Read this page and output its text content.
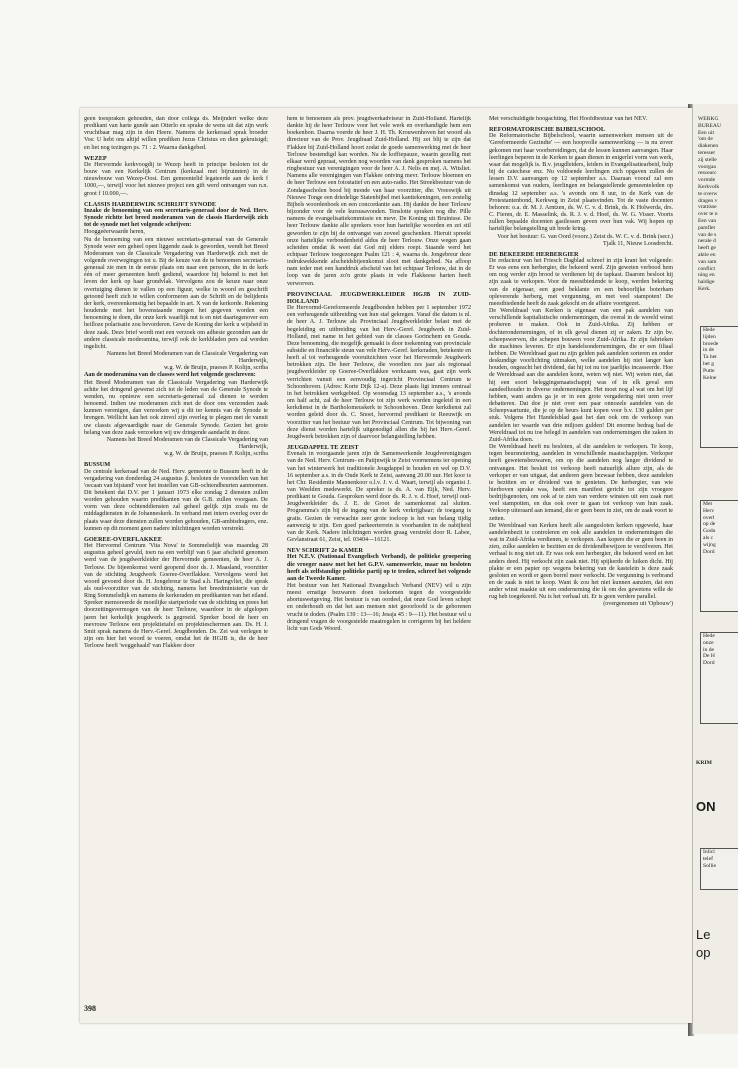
geen toespraken gehouden, dan door collega ds. Meijndert welke deze predikant van harte gunde aan Otterlo en sprake de wens uit dat zijn werk vruchtbaar mag zijn in den Heere. Namens de kerkeraad sprak broeder Vos: U hebt ons altijd willen prediken Jezus Christus en dien gekruisigd; en liet nog tezingen ps. 71 : 2. Waarna dankgebed.

WEZEP

De Hervormde kerkvoogdij te Wezep heeft in principe besloten tot de bouw van een Kerkelijk Centrum (kerkzaal met bijruimten) in de nieuwbouw van Wezep-Oost. Een gemeentelid legateerde aan de kerk f 1000,—, terwijl voor het nieuwe project een gift werd ontvangen van n.n. groot f 10.000,—.

CLASSIS HARDERWIJK SCHRIJFT SYNODE

Inzake de benoeming van een secretaris-generaal door de Ned. Herv. Synode richtte het breed moderamen van de classis Harderwijk zich tot de synode met het volgende schrijven:

Hooggeëerwaarde heren,

Nu de benoeming van een nieuwe secretaris-generaal van de Generale Synode weer een geheel open liggende zaak is geworden, wendt het Breed Moderamen van de Classicale Vergadering van Harderwijk zich met de volgende overwegingen tot u. Bij de keuze van de te benoemen secretaris-generaal zie men in de eerste plaats om naar een persoon, die in de kerk één of meer gemeenten heeft gediend, waardoor hij bekend is met het leven der kerk op haar grondvlak. Vervolgens zou de keuze naar onze overtuiging dienen te vallen op een figuur, welke in woord en geschrift getoond heeft zich te willen conformeren aan de Schrift en de belijdenis der kerk, overeenkomstig het bepaalde in art. X van de kerkorde. Rekening houdende met het bovenstaande mogen het gegeven worden een benoeming te doen, die onze kerk waarlijk nut is en niet daartegenover een heilloze polarisatie zou bevorderen. Geve de Koning der kerk u wijsheid in deze zaak. Deze brief wordt met een verzoek om adhesie gezonden aan de andere classicale moderamina, terwijl ook de kerkbladen pers zal worden ingelicht.

Namens het Breed Moderamen van de Classicale Vergadering van Harderwijk,

w.g. W. de Bruijn, praeses P. Kolijn, scriba

Aan de moderamina van de classes werd het volgende geschreven:

Het Breed Moderamen van de Classicale Vergadering van Harderwijk achtte het dringend gewenst zich tot de leden van de Generale Synode te wenden, nu opnieuw een secretaris-generaal zal dienen te worden benoemd. Indien uw moderamen zich met de door ons verzonden zaak kunnen verenigen, dan verzoeken wij u dit ter kennis van de Synode te brengen. Wellicht kan het ook zinvol zijn overleg te plegen met de vanuit uw classis afgevaardigde naar de Generale Synode. Gezien het grote belang van deze zaak verzoeken wij uw dringende aandacht in deze.

Namens het Breed Moderamen van de Classicale Vergadering van Harderwijk,

w.g. W. de Bruijn, praeses P. Kolijn, scriba

BUSSUM

De centrale kerkeraad van de Ned. Herv. gemeente te Bussum heeft in de vergadering van donderdag 24 augustus jl. besloten de voorstellen van het 'oecaan van bijstand' voor het instellen van GB-ochtendbeurten aanmomen. Dit betekent dat D.V. per 1 januari 1973 elke zondag 2 diensten zullen worden gehouden waarin predikanten van de G.B. zullen voorgaan. De vorm van deze ochtenddiensten zal geheel gelijk zijn zoals nu de middagdiensten in de Johanneskerk. In verband met intern overleg over de plaats waar deze diensten zullen worden gehouden, GB-ambtsdragers, enz. kunnen op dit moment geen nadere inlichtingen worden verstrekt.

GOEREE-OVERFLAKKEE

Het Hervormd Centrum 'Vita Nova' te Sommelsdijk was maandag 28 augustus geheel gevuld, toen na een verblijf van 6 jaar afscheid genomen werd van de jeugdwerkleider der Hervormde gemeenten, de heer A. J. Terlouw. De bijeenkomst werd geopend door ds. J. Maasland, voorzitter van de stichting Jeugdwerk Goeree-Overflakkee. Vervolgens werd het woord gevoerd door ds. H. Jongebreur te Stad a.h. Haringvliet, die sprak als oud-voorzitter van de stichting, namens het breedministerie van de Ring Sommelsdijk en namens de kerkeraden en predikanten van het eiland. Spreker memoreerde de moeilijke startperiode van de stichting en prees het doorzettingsvermogen van de heer Terlouw, waardoor in de afgelopen jaren het kerkelijk jeugdwerk is gegroeid. Spreker bood de heer en mevrouw Terlouw een projektietafel en projektieschermen aan. Ds. H. J. Smit sprak namens de Herv.-Geref. Jeugdbonden. Ds. Zei wat verlegen te zijn om hier het woord te voeren, omdat het de HGJB is, die de heer Terlouw heeft 'weggehaald' van Flakkee door

hem te benoemen als prov. jeugdwerkadviseur in Zuid-Holland. Hartelijk dankte hij de heer Terlouw voor het vele werk en overhandigde hem een boekenbon. Daarna voerde de heer J. H. Th. Krouwenhoven het woord als directeur van de Prov. Jeugdraad Zuid-Holland. Hij zei blij te zijn dat Flakkee bij Zuid-Holland hoort zodat de goede samenwerking met de heer Terlouw bestendigd kan worden. Na de koffiepauze, waarin gezellig met elkaar werd gepraat, werden nog woorden van dank gesproken namens het ringbestuur van verenigingen voor de heer A. J. Nelis en mej. A. Witsliet. Namens alle verenigingen van Flakkee ontving mevr. Terlouw bloemen en de heer Terlouw een fotostatief en een auto-radio. Het Streekbestuur van de Zondagsscholen bood bij monde van haar voorzitter, dhr. Vreeswijk uit Nieuwe Tonge een driedelige Statenbijbel met kanttekeningen, een zestelig Bijbels woordenboek en een concordantie aan. Hij dankte de heer Terlouw bijzonder voor de vele kursusavonden. Tenslotte spraken nog dhr. Pille namens de evangelisatiekommissie en mevr. De Koning uit Bruinisse. De heer Terlouw dankte alle sprekers voor hun hartelijke woorden en zei stil geworden te zijn bij de ontvangst van zoveel geschenken. Hieruit spreekt onze hartelijke verbondenheid aldus de heer Terlouw. Onze wegen gaan scheiden omdat ik weet dat God mij elders roept. Staande werd het echtpaar Terlouw toegezongen Psalm 121 : 4, waarna ds. Jongebreur deze indrukwekkende afscheidsbijeenkomst sloot met dankgebed. Na afloop nam ieder met een handdruk afscheid van het echtpaar Terlouw, dat in de loop van de jaren zo'n grote plaats in vele Flakkeese harten heeft verworven.

PROVINCIAAL JEUGDWERKLEIDER HGJB IN ZUID-HOLLAND

De Hervormd-Gereformeerde Jeugdbonden hebben per 1 september 1972 een verheugende uitbreiding van hun staf gekregen. Vanaf die datum is nl. de heer A. J. Terlouw als Provinciaal Jeugdwerkleider belast met de begeleiding en uitbreiding van het Herv.-Geref. Jeugdwerk in Zuid-Holland, met name in het gebied van de classes Gorinchem en Gouda. Deze benoeming, die mogelijk gemaakt is door toekenning van provinciale subsidie en financiële steun van vele Herv.-Geref. kerkeraden, betekente en heeft al tot verheugende vooruitzichten voor het Hervormde Jeugdwerk betrokken zijn. De heer Terlouw, die voordien zes jaar als regionaal jeugdwerkleider op Goeree-Overflakkee werkzaam was, gaat zijn werk verrichten vanuit een eenvoudig ingericht Provinciaal Centrum te Schoonhoven. (Adres: Korte Dijk 12-a). Deze plaats ligt immers centraal in het betrokken werkgebied. Op woensdag 13 september a.s., 's avonds om half acht, zal de heer Terlouw tot zijn werk worden ingeleid in een kerkdienst in de Bartholomeuskerk te Schoonhoven. Deze kerkdienst zal worden geleid door ds. C. Snoei, hervormd predikant te Reeuwijk en voorzitter van het bestuur van het Provinciaal Centrum. Tot bijwoning van deze dienst worden hartelijk uitgenodigd allen die bij het Herv.-Geref. Jeugdwerk betrokken zijn of daarvoor belangstelling hebben.

JEUGDAPPEL TE ZEIST

Evenals in voorgaande jaren zijn de Samenwerkende Jeugdverenigingen van de Ned. Herv. Centrum- en Patijnwijk te Zeist voornemens ter opening van het winterwerk het traditionele Jeugdappel te houden en wel op D.V. 16 september a.s. in de Oude Kerk te Zeist, aanvang 20.00 uur. Het koor is het Chr. Residentie Mannenkoor o.l.v. J. v. d. Waart, terwijl als organist J. van Weelden medewerkt. De spreker is ds. A. van Eijk, Ned. Herv. predikant te Gouda. Gesproken werd door ds. R. J. v. d. Hoef, terwijl oud-Jeugdwerkleider ds. J. E. de Groot de samenkomst zal sluiten. Programma's zijn bij de ingang van de kerk verkrijgbaar; de toegang is gratis. Gezien de verwachte zeer grote toeloop is het van belang tijdig aanwezig te zijn. Een goed parkeerterrein is voorhanden in de nabijheid van de Kerk. Nadere inlichtingen worden graag verstrekt door R. Labee, Gevlanstraat 61, Zeist, tel. 03404—16121.

NEV SCHRIFT 2e KAMER

Het N.E.V. (Nationaal Evangelisch Verband), de politieke groepering die vroeger nauw met het het G.P.V. samenwerkte, maar nu besloten heeft als zelfstandige politieke partij op te treden, schreef het volgende aan de Tweede Kamer.

Het bestuur van het Nationaal Evangelisch Verband (NEV) wil u zijn meest ernstige bezwaren doen toekomen tegen de voorgestelde abortuswetgeving. Het bestuur is van oordeel, dat onze God leven schept en onderhoudt en dat het aan mensen niet geoorloofd is de geborenen vrucht te doden. (Psalm 139 : 13—16; Jesaja 45 : 9—11). Het bestuur wil u dringend vragen de voorgestelde maatregelen te corrigeren bij het heldere licht van Gods Woord.

Met verschuldigde hoogachting, Het Hoofdbestuur van het NEV.

REFORMATORISCHE BIJBELSCHOOL

De Reformatorische Bijbelschool, waarin samenwerken mensen uit de 'Gereformeerde Gezindte' — een hoopvolle samenwerking — is nu zover gekomen met haar voorbereidingen, dat de lessen kunnen aanvangen. Haar leerlingen beperen in de Kerken te gaan dienen in enigerlei vorm van werk, waar dat mogelijk is. B.v. jeugdleiders, leiders in Evangelisatiearbeid, hulp bij de catechese enz. Nu voldoende leerlingen zich opgaven zullen de lessen D.V. aanvangen op 12 september a.s. Daaraan vooraf zal een samenkomst van ouders, leerlingen en belangstellende gemeenteleden op dinsdag 12 september a.s. 's avonds om 8 uur, in de Kerk van de Protestantenbond, Kerkweg in Zeist plaatsvinden. Tot de vaste docenten behoren: o.a. dr. M. J. Arntzen, ds. W. C. v. d. Brink, ds. K Holwerda, drs. C. Fieren, dr. E. Masselink, ds. R. J. v. d. Hoef, ds. W. G. Visser. Voorts zullen bepaalde docenten gastlessen geven over hun vak. Wij hopen op hartelijke belangstelling uit brede kring.

Voor het bestuur: G. van Oord (voorz.) Zeist ds. W. C. v. d. Brink (secr.) Tjalk 11, Nieuw Loosdrecht.

DE BEKEERDE HERBERGIER

De redacteur van het Friesch Dagblad schreef in zijn krant het volgende: Er was eens een herbergier, die bekeerd werd. Zijn geweten verbood hem om nog verder zijn brood te verdienen bij de tapkast. Daarom besloot hij zijn zaak te verkopen. Voor de meestbiedende te koop, werden bekering van de eigenaar, een goed beklante en een behoorlijke boterham opleverende herberg, met vergunning, en met veel stampoten! De meestbiedende heeft de zaak gekocht en de affaire voortgezet.

De Wereldraad van Kerken is eigenaar van een pak aandelen van verschillende kapitalistische ondernemingen, die overal in de wereld winst proberen te maken. Ook in Zuid-Afrika. Zij hebben er dochterondernemingen, of in elk geval dienen zij er zaken. Er zijn bv. scheepswerven, die schepen bouwen voor Zuid-Afrika. Er zijn fabrieken die machines leveren. Er zijn handelsondernemingen, die er een filiaal hebben. De Wereldraad gaat nu zijn gelden pak aandelen sorteren en onder deskundige voorlichting uitmaken, welke aandelen hij niet langer kan houden, ongeacht het dividend, dat hij tot nu toe jaarlijks incasseerde. Hoe de Wereldraad aan die aandelen komt, weten wij niet. Wij weten niet, dat hij een soort beleggingsmaatschappij was of in elk geval een aandeelhouder in diverse ondernemingen. Het moet nog al wat om het lijf hebben, want anders ga je er in een grote vergadering niet uren over debatteren. Dat doe je niet over een paar onnozele aandelen van de Scheepvaartunie, die je op de beurs kunt kopen voor b.v. 130 gulden per stuk. Volgens Het Handelsblad gaat het dan ook om de verkoop van aandelen ter waarde van drie miljoen gulden! Dit enorme bedrag had de Wereldraad tot nu toe belegd in aandelen van ondernemingen die zaken in Zuid-Afrika doen.

De Wereldraad heeft nu besloten, al die aandelen te verkopen. Te koop, tegen beursnotering, aandelen in verschillende maatschappijen. Verkoper heeft gewetensbezwaren, om op die aandelen nog langer dividend te ontvangen. Het besluit tot verkoop heeft natuurlijk allure zijn, als de verkoper er van uitgaat, dat anderen geen bezwaar hebben, deze aandelen te bezitten en er dividend van te genieten. De herbergier, van wie hierboven sprake was, heeft een manifest gericht tot zijn vroegere bedrijfsgenoten, om ook af te zien van verdere winsten uit een zaak met veel stampotten, en dus ook over te gaan tot verkoop van hun zaak. Verkoop uiteraard aan iemand, die er geen been in ziet, om de zaak voort te zetten.

De Wereldraad van Kerken heeft alle aangesloten kerken opgewekt, haar aandelenbezit te controleren en ook alle aandelen in ondernemingen die wat in Zuid-Afrika verdienen, te verkopen. Aan kopers die er geen been in zien, zulke aandelen te bezitten en de dividendbewijzen te verzilveren. Het verhaal is nog niet uit. Er was ook een herbergier, die bekeerd werd en het anders deed. Hij verkocht zijn zaak niet. Hij spijkerde de luiken dicht. Hij plakte er een papier op: wegens bekering van de kastelein is deze zaak gesloten en wordt er geen borrel meer verkocht. De vergunning is verbrand en de zaak is niet te koop. Want ik zou het niet kunnen aanzien, dat een ander winst maakte uit een onderneming die ik om des gewetens wille de rug heb toegekeerd. Nu is het verhaal uit. Er is geen verdere parallel.

(overgenomen uit 'Opbouw')

398
WERKG
BUREAU
Een uit
'om de
diakenen
teresser
zij stelle
voorgaa
ressourc
vormde
Kerkvolk
te overw
dragen v
vrattisse
over te n
Een van
pamflet
van de s
nerale d
heeft ge
aktie en
van sam
conflict
ning en
haldige
Kerk.
Hede
lijden
broede
in de
Ta her
het g
Putte
Kelne
Met
Herv
overl
op de
Godu
als c
wijng
Dord
Hede
onze
in de
De H
Dord
KRIM
ON
Inlicl
telef
Sollie
Le
op
